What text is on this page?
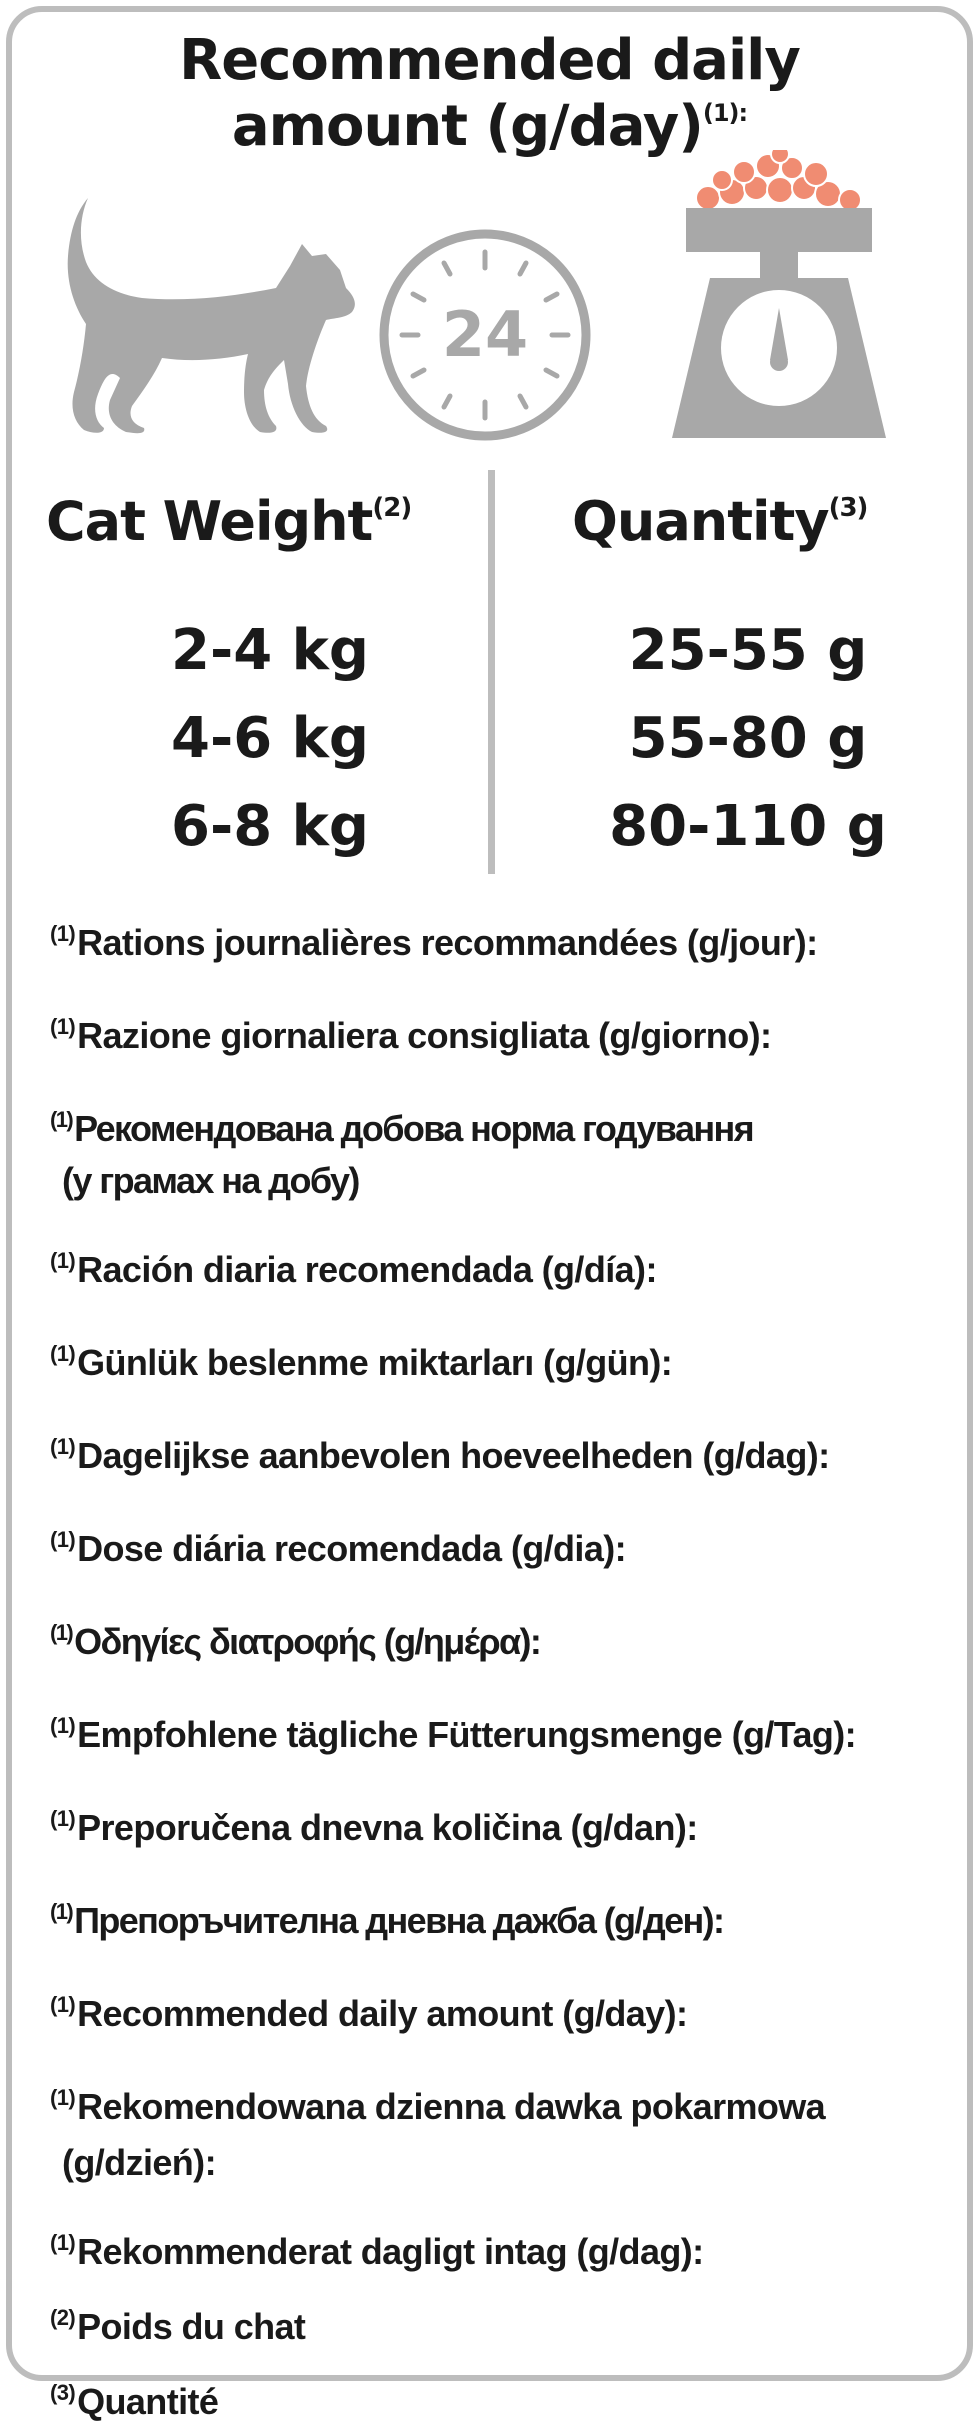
Recommended daily
amount $(g/day)^{(1):}$
24
Cat Weight$^{(2)}$	Quantity$^{(3)}$
2-4 kg
4-6 kg
6-8 kg
25-55 g
55-80 g
80-110 g
$^{(1)}$Rations journalières recommandées (g/jour):
$^{(1)}$Razione giornaliera consigliata (g/giorno):
$^{(1)}$Рекомендована добова норма годування
(у грамах на добу)
$^{(1)}$Ración diaria recomendada (g/día):
$^{(1)}$Günlük beslenme miktarları (g/gün):
$^{(1)}$Dagelijkse aanbevolen hoeveelheden (g/dag):
$^{(1)}$Dose diária recomendada (g/dia):
$^{(1)}$Οδηγίες διατροφής (g/ημέρα):
$^{(1)}$Empfohlene tägliche Fütterungsmenge (g/Tag):
$^{(1)}$Preporučena dnevna količina (g/dan):
$^{(1)}$Препоръчителна дневна дажба (g/ден):
$^{(1)}$Recommended daily amount (g/day):
$^{(1)}$Rekomendowana dzienna dawka pokarmowa
(g/dzień):
$^{(1)}$Rekommenderat dagligt intag (g/dag):
$^{(2)}$Poids du chat
$^{(3)}$Quantité
